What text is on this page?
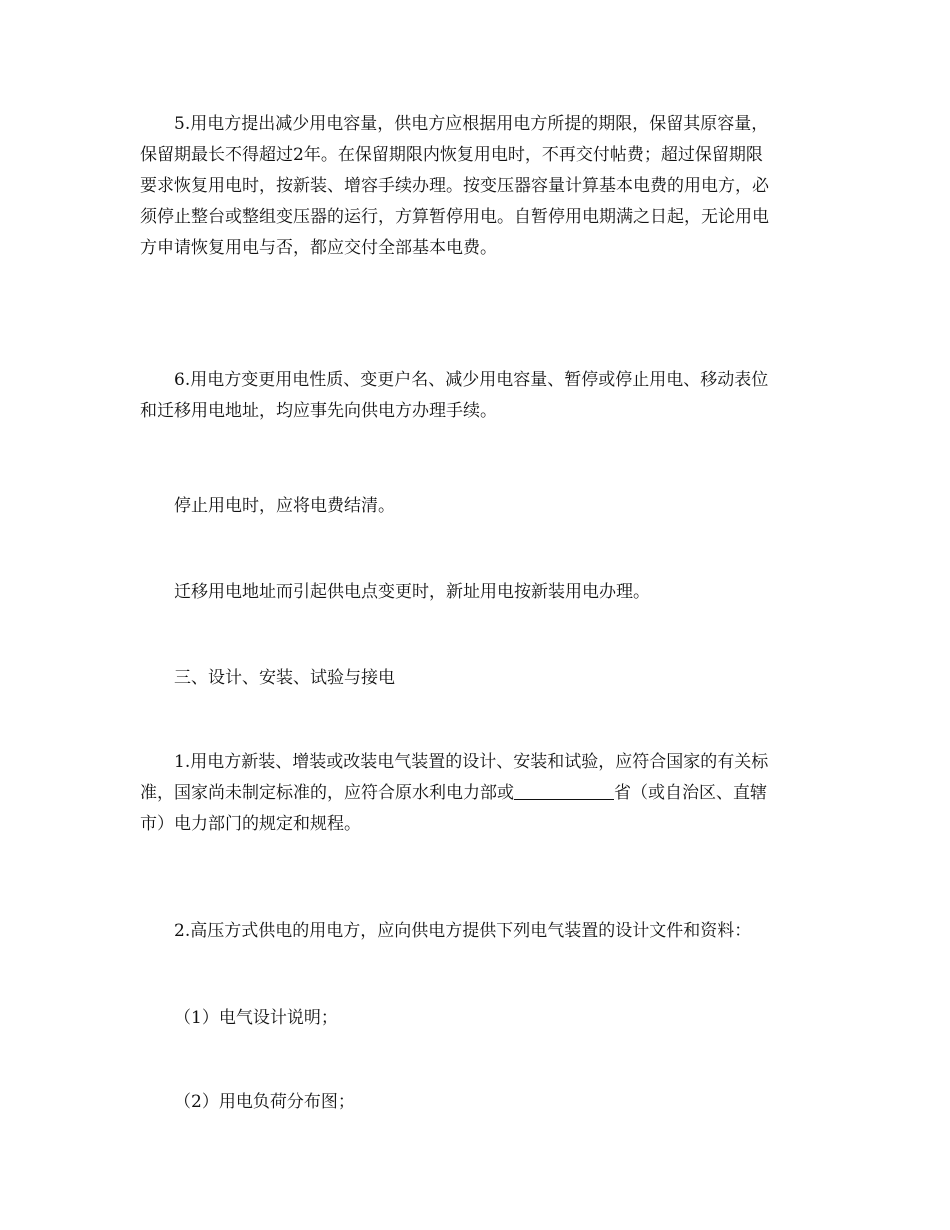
5.用电方提出减少用电容量，供电方应根据用电方所提的期限，保留其原容量，
保留期最长不得超过2年。在保留期限内恢复用电时，不再交付帖费；超过保留期限
要求恢复用电时，按新装、增容手续办理。按变压器容量计算基本电费的用电方，必
须停止整台或整组变压器的运行，方算暂停用电。自暂停用电期满之日起，无论用电
方申请恢复用电与否，都应交付全部基本电费。
6.用电方变更用电性质、变更户名、减少用电容量、暂停或停止用电、移动表位
和迁移用电地址，均应事先向供电方办理手续。
停止用电时，应将电费结清。
迁移用电地址而引起供电点变更时，新址用电按新装用电办理。
三、设计、安装、试验与接电
1.用电方新装、增装或改装电气装置的设计、安装和试验，应符合国家的有关标
准，国家尚未制定标准的，应符合原水利电力部或	省（或自治区、直辖
市）电力部门的规定和规程。
2.高压方式供电的用电方，应向供电方提供下列电气装置的设计文件和资料：
（1）电气设计说明；
（2）用电负荷分布图；
